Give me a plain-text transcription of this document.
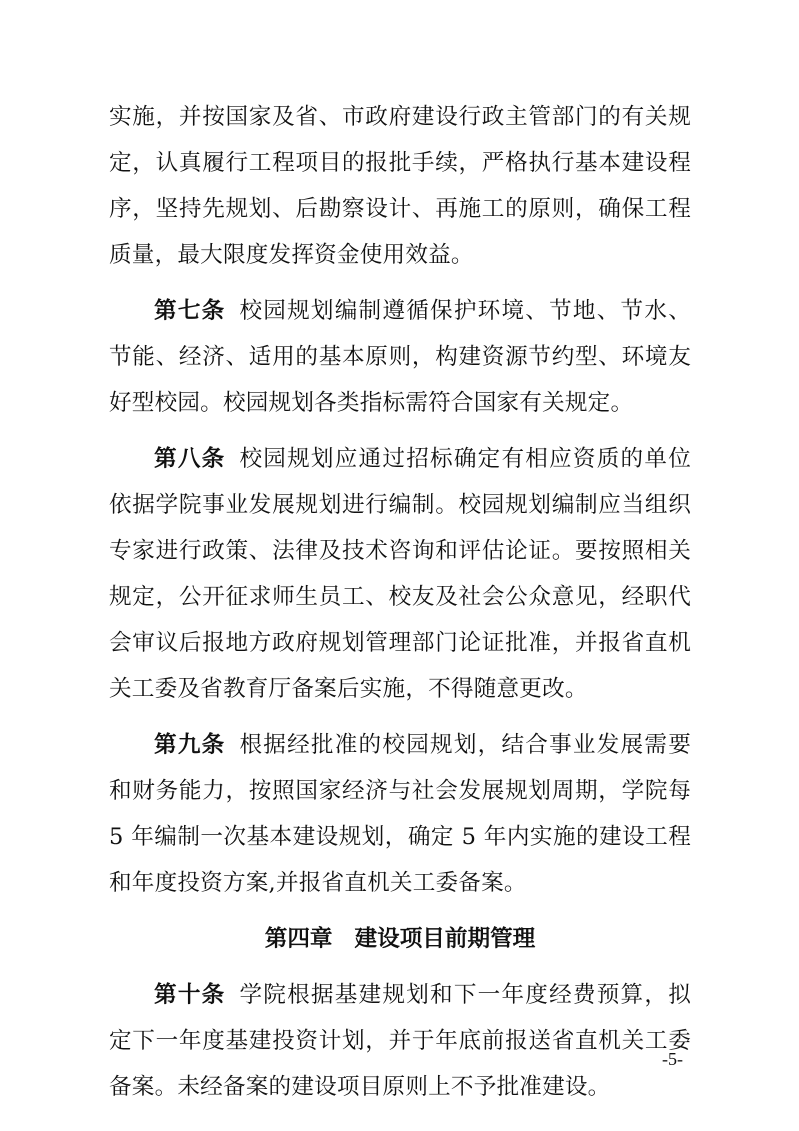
实施，并按国家及省、市政府建设行政主管部门的有关规定，认真履行工程项目的报批手续，严格执行基本建设程序，坚持先规划、后勘察设计、再施工的原则，确保工程质量，最大限度发挥资金使用效益。

第七条 校园规划编制遵循保护环境、节地、节水、节能、经济、适用的基本原则，构建资源节约型、环境友好型校园。校园规划各类指标需符合国家有关规定。

第八条 校园规划应通过招标确定有相应资质的单位依据学院事业发展规划进行编制。校园规划编制应当组织专家进行政策、法律及技术咨询和评估论证。要按照相关规定，公开征求师生员工、校友及社会公众意见，经职代会审议后报地方政府规划管理部门论证批准，并报省直机关工委及省教育厅备案后实施，不得随意更改。

第九条 根据经批准的校园规划，结合事业发展需要和财务能力，按照国家经济与社会发展规划周期，学院每 5 年编制一次基本建设规划，确定 5 年内实施的建设工程和年度投资方案,并报省直机关工委备案。

第四章 建设项目前期管理

第十条 学院根据基建规划和下一年度经费预算，拟定下一年度基建投资计划，并于年底前报送省直机关工委备案。未经备案的建设项目原则上不予批准建设。

-5-
